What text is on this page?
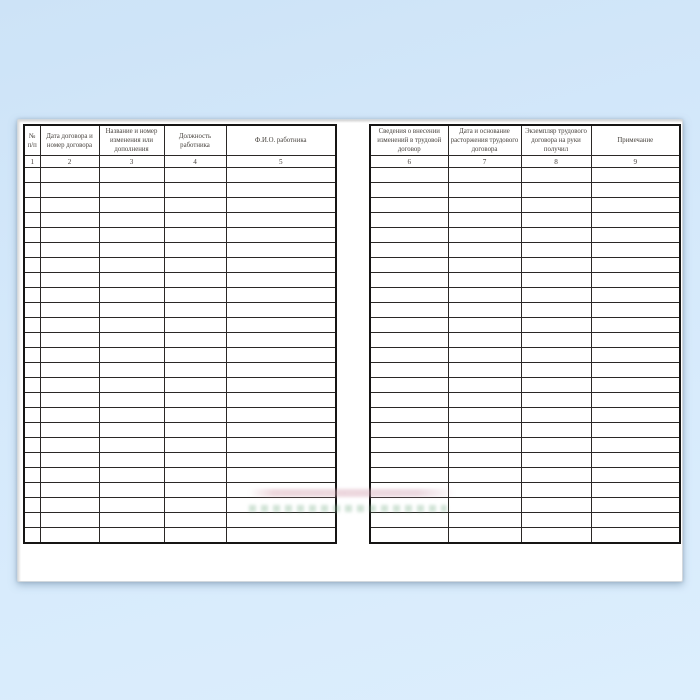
№ п/п	Дата договора и номер договора	Название и номер изменения или дополнения	Должность работника	Ф.И.О. работника
1	2	3	4	5

Сведения о внесении изменений в трудовой договор	Дата и основание расторжения трудового договора	Экземпляр трудового договора на руки получил	Примечание
6	7	8	9
